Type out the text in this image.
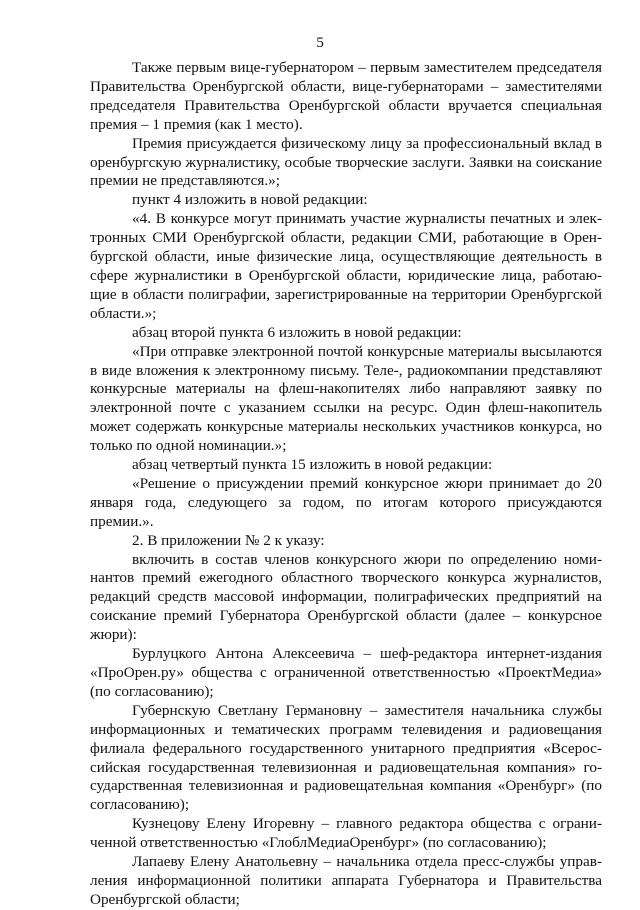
5

Также первым вице-губернатором – первым заместителем председателя Правительства Оренбургской области, вице-губернаторами – заместителями председателя Правительства Оренбургской области вручается специальная премия – 1 премия (как 1 место).

Премия присуждается физическому лицу за профессиональный вклад в оренбургскую журналистику, особые творческие заслуги. Заявки на соискание премии не представляются.»;

пункт 4 изложить в новой редакции:

«4. В конкурсе могут принимать участие журналисты печатных и электронных СМИ Оренбургской области, редакции СМИ, работающие в Оренбургской области, иные физические лица, осуществляющие деятельность в сфере журналистики в Оренбургской области, юридические лица, работающие в области полиграфии, зарегистрированные на территории Оренбургской области.»;

абзац второй пункта 6 изложить в новой редакции:

«При отправке электронной почтой конкурсные материалы высылаются в виде вложения к электронному письму. Теле-, радиокомпании представляют конкурсные материалы на флеш-накопителях либо направляют заявку по электронной почте с указанием ссылки на ресурс. Один флеш-накопитель может содержать конкурсные материалы нескольких участников конкурса, но только по одной номинации.»;

абзац четвертый пункта 15 изложить в новой редакции:

«Решение о присуждении премий конкурсное жюри принимает до 20 января года, следующего за годом, по итогам которого присуждаются премии.».

2. В приложении № 2 к указу:

включить в состав членов конкурсного жюри по определению номинантов премий ежегодного областного творческого конкурса журналистов, редакций средств массовой информации, полиграфических предприятий на соискание премий Губернатора Оренбургской области (далее – конкурсное жюри):

Бурлуцкого Антона Алексеевича – шеф-редактора интернет-издания «ПроОрен.ру» общества с ограниченной ответственностью «ПроектМедиа» (по согласованию);

Губернскую Светлану Германовну – заместителя начальника службы информационных и тематических программ телевидения и радиовещания филиала федерального государственного унитарного предприятия «Всероссийская государственная телевизионная и радиовещательная компания» государственная телевизионная и радиовещательная компания «Оренбург» (по согласованию);

Кузнецову Елену Игоревну – главного редактора общества с ограниченной ответственностью «ГлоблМедиаОренбург» (по согласованию);

Лапаеву Елену Анатольевну – начальника отдела пресс-службы управления информационной политики аппарата Губернатора и Правительства Оренбургской области;
